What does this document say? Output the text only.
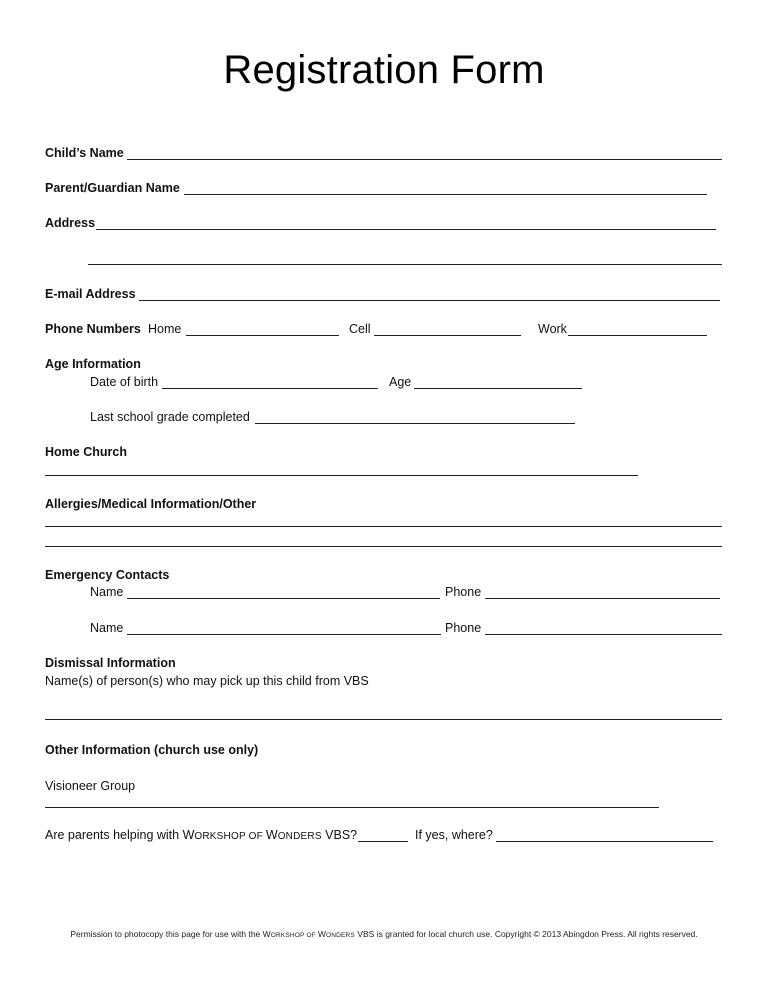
Registration Form
Child’s Name
Parent/Guardian Name
Address
E-mail Address
Phone Numbers Home	Cell	Work
Age Information
Date of birth	Age
Last school grade completed
Home Church
Allergies/Medical Information/Other
Emergency Contacts
Name	Phone
Name	Phone
Dismissal Information
Name(s) of person(s) who may pick up this child from VBS
Other Information (church use only)
Visioneer Group
Are parents helping with WORKSHOP OF WONDERS VBS?	If yes, where?
Permission to photocopy this page for use with the WORKSHOP OF WONDERS VBS is granted for local church use. Copyright © 2013 Abingdon Press. All rights reserved.
